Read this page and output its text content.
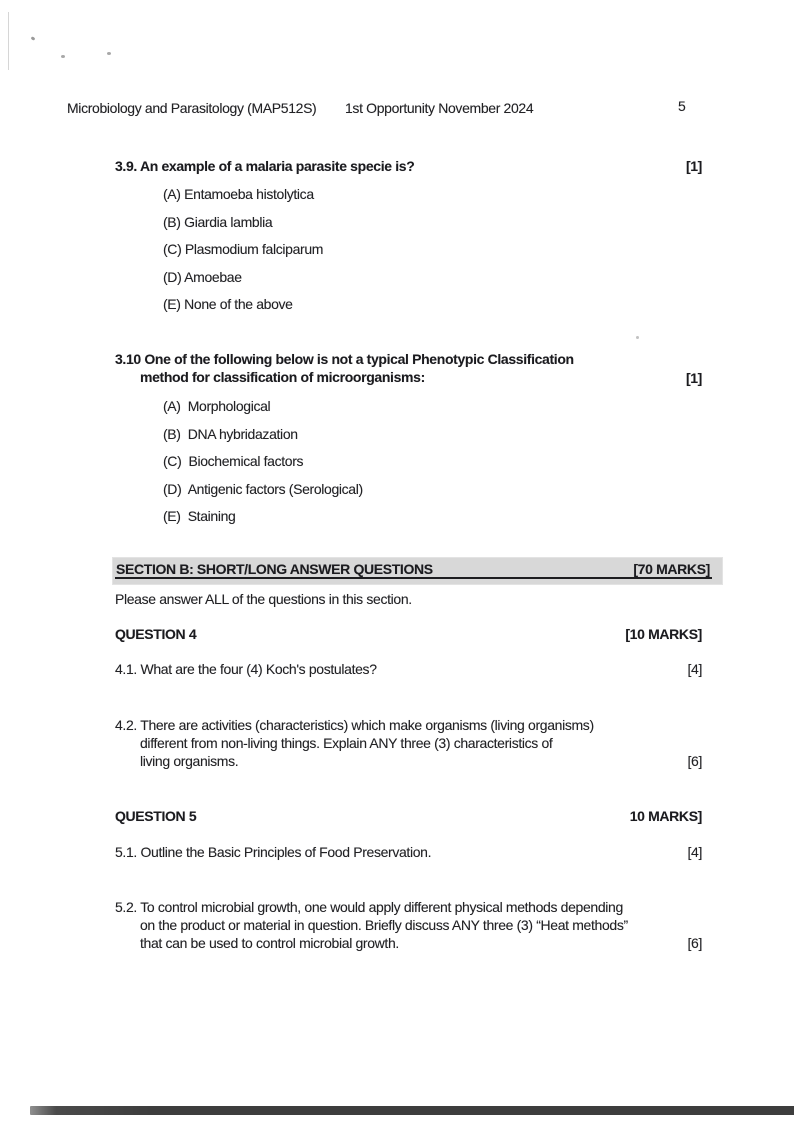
Microbiology and Parasitology (MAP512S) 1st Opportunity November 2024	5
3.9. An example of a malaria parasite specie is?	[1]
(A) Entamoeba histolytica
(B) Giardia lamblia
(C) Plasmodium falciparum
(D) Amoebae
(E) None of the above
3.10 One of the following below is not a typical Phenotypic Classification
method for classification of microorganisms:	[1]
(A)  Morphological
(B)  DNA hybridazation
(C)  Biochemical factors
(D)  Antigenic factors (Serological)
(E)  Staining
SECTION B: SHORT/LONG ANSWER QUESTIONS	[70 MARKS]
Please answer ALL of the questions in this section.
QUESTION 4	[10 MARKS]
4.1. What are the four (4) Koch's postulates?	[4]
4.2. There are activities (characteristics) which make organisms (living organisms)
different from non-living things. Explain ANY three (3) characteristics of
living organisms.	[6]
QUESTION 5	10 MARKS]
5.1. Outline the Basic Principles of Food Preservation.	[4]
5.2. To control microbial growth, one would apply different physical methods depending
on the product or material in question. Briefly discuss ANY three (3) “Heat methods”
that can be used to control microbial growth.	[6]
